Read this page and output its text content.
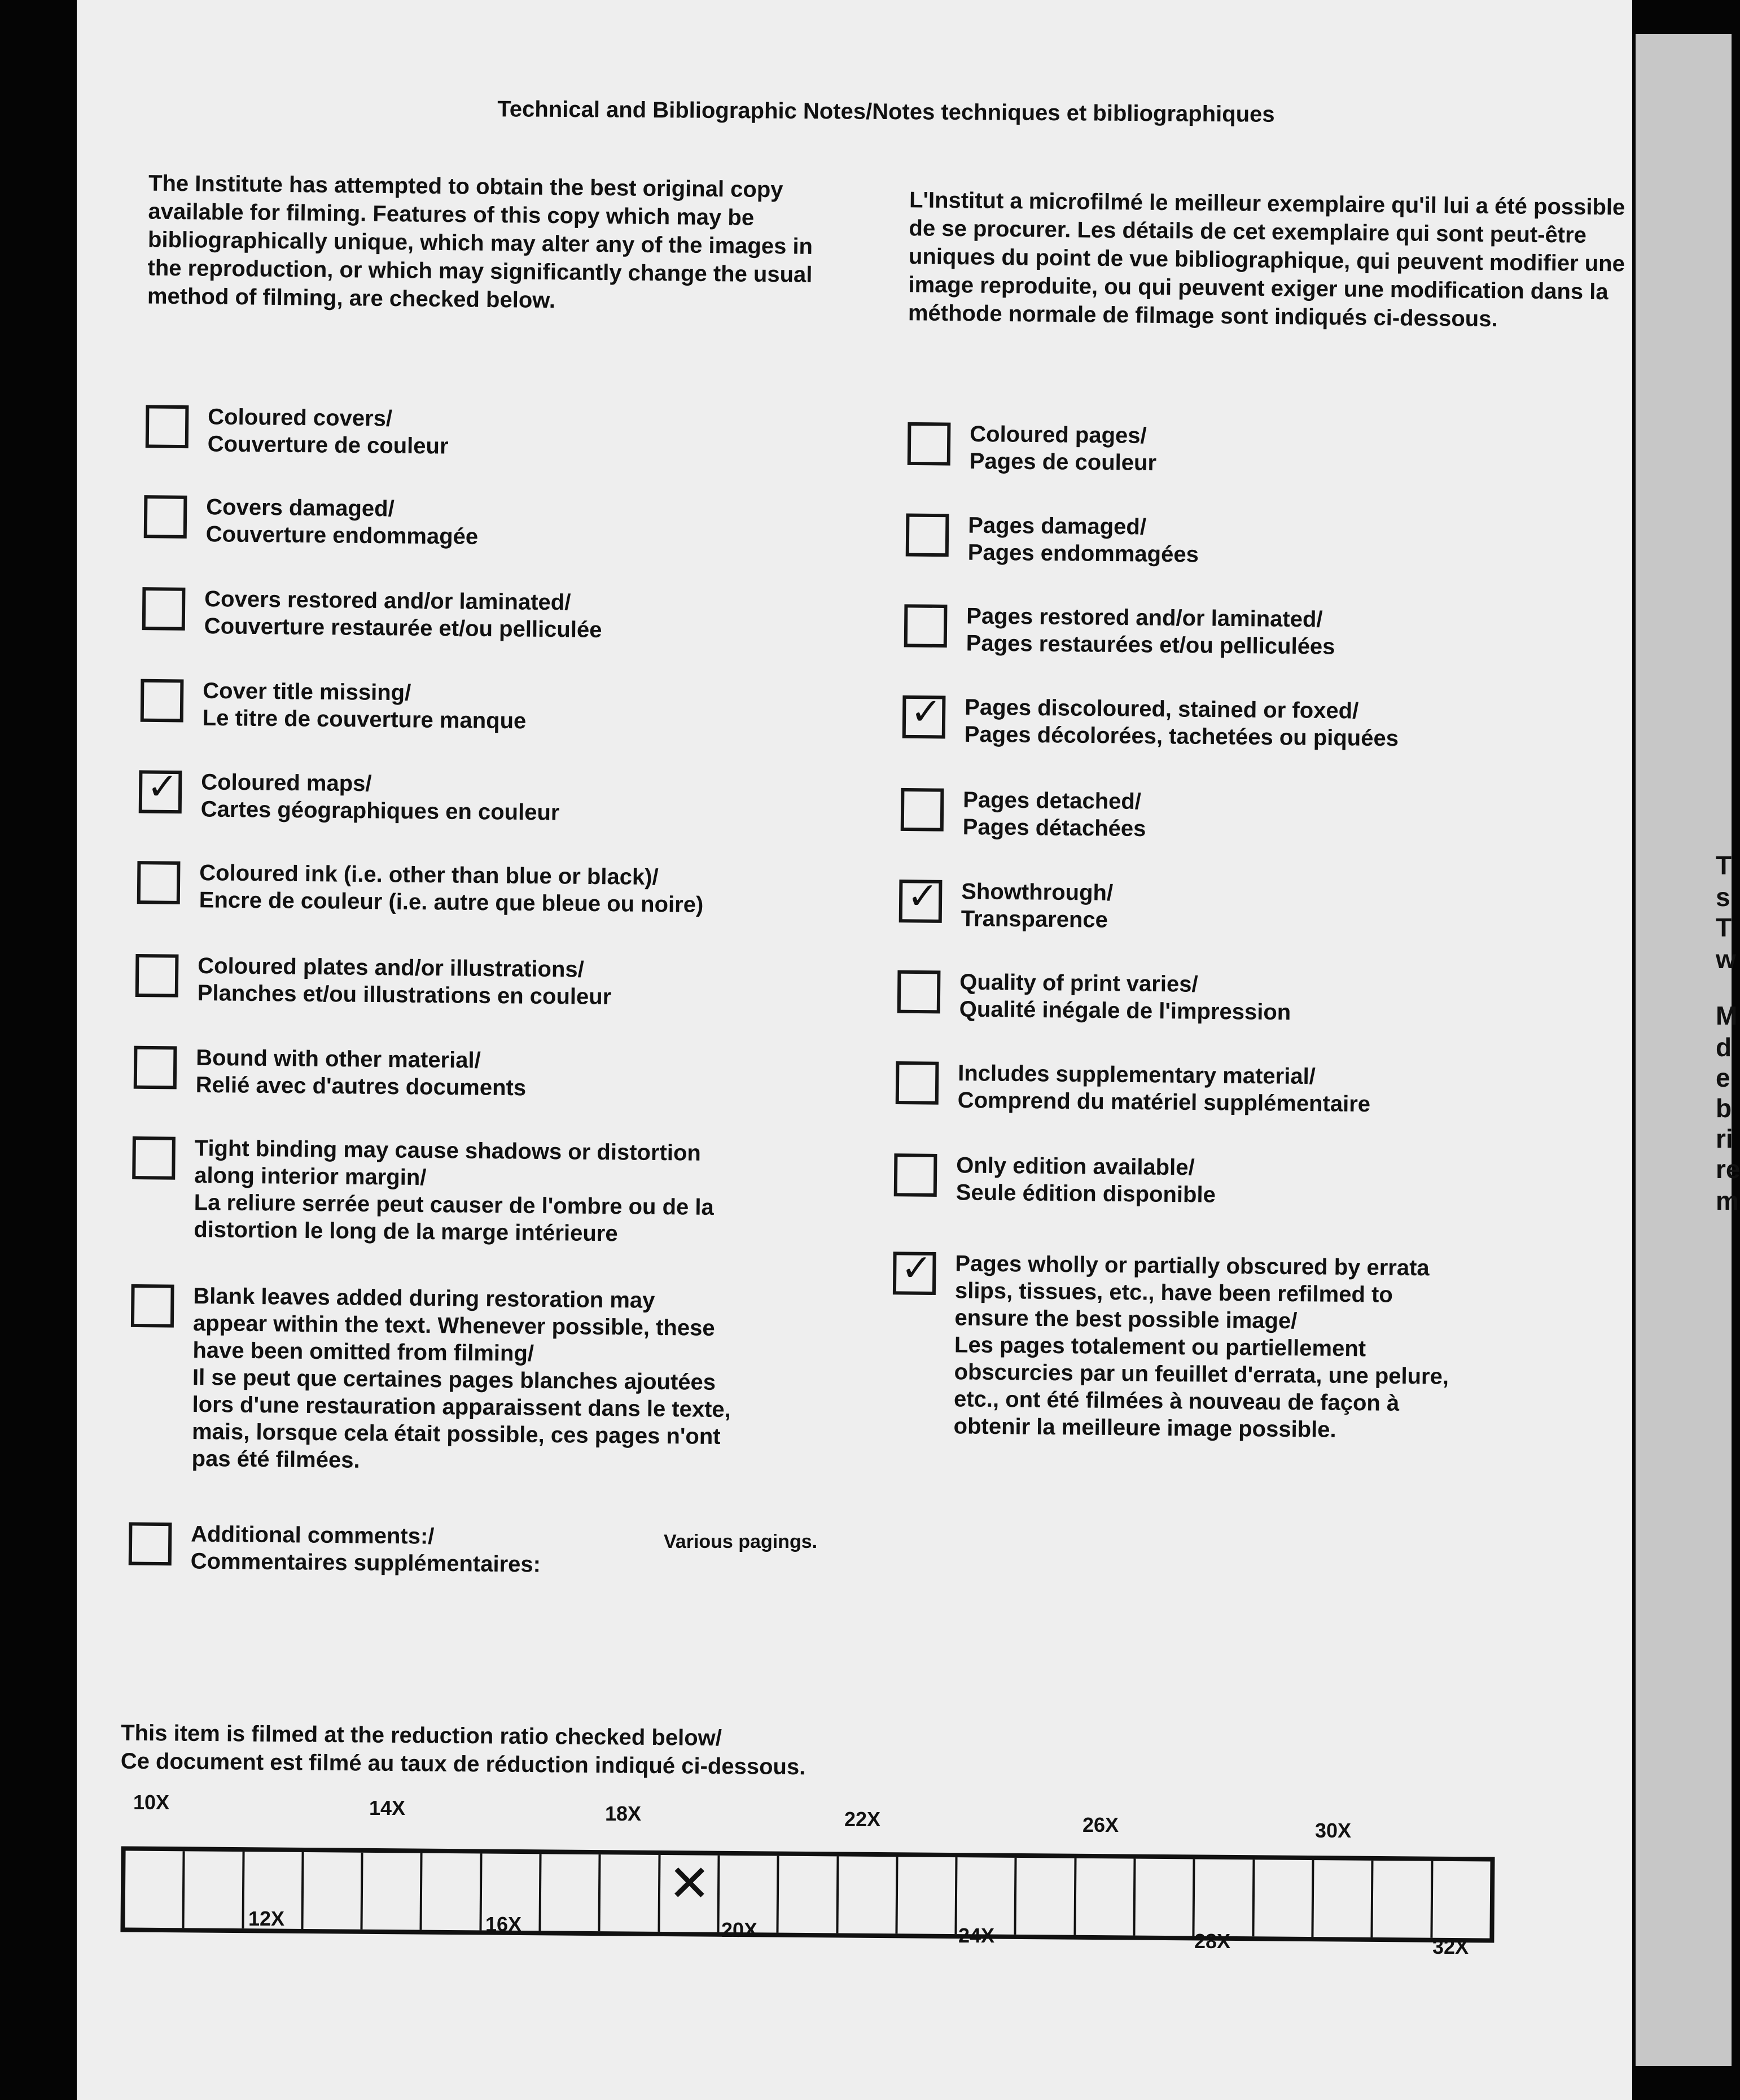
T
s
T
w
M
d
e
b
ri
re
m
Technical and Bibliographic Notes/Notes techniques et bibliographiques
The Institute has attempted to obtain the best original copy available for filming. Features of this copy which may be bibliographically unique, which may alter any of the images in the reproduction, or which may significantly change the usual method of filming, are checked below.
L'Institut a microfilmé le meilleur exemplaire qu'il lui a été possible de se procurer. Les détails de cet exemplaire qui sont peut-être uniques du point de vue bibliographique, qui peuvent modifier une image reproduite, ou qui peuvent exiger une modification dans la méthode normale de filmage sont indiqués ci-dessous.
Coloured covers/
Couverture de couleur
Covers damaged/
Couverture endommagée
Covers restored and/or laminated/
Couverture restaurée et/ou pelliculée
Cover title missing/
Le titre de couverture manque
✓ Coloured maps/
Cartes géographiques en couleur
Coloured ink (i.e. other than blue or black)/
Encre de couleur (i.e. autre que bleue ou noire)
Coloured plates and/or illustrations/
Planches et/ou illustrations en couleur
Bound with other material/
Relié avec d'autres documents
Tight binding may cause shadows or distortion
along interior margin/
La reliure serrée peut causer de l'ombre ou de la
distortion le long de la marge intérieure
Blank leaves added during restoration may
appear within the text. Whenever possible, these
have been omitted from filming/
Il se peut que certaines pages blanches ajoutées
lors d'une restauration apparaissent dans le texte,
mais, lorsque cela était possible, ces pages n'ont
pas été filmées.
Additional comments:/
Commentaires supplémentaires:
Coloured pages/
Pages de couleur
Pages damaged/
Pages endommagées
Pages restored and/or laminated/
Pages restaurées et/ou pelliculées
✓ Pages discoloured, stained or foxed/
Pages décolorées, tachetées ou piquées
Pages detached/
Pages détachées
✓ Showthrough/
Transparence
Quality of print varies/
Qualité inégale de l'impression
Includes supplementary material/
Comprend du matériel supplémentaire
Only edition available/
Seule édition disponible
✓ Pages wholly or partially obscured by errata
slips, tissues, etc., have been refilmed to
ensure the best possible image/
Les pages totalement ou partiellement
obscurcies par un feuillet d'errata, une pelure,
etc., ont été filmées à nouveau de façon à
obtenir la meilleure image possible.
Various pagings.
This item is filmed at the reduction ratio checked below/
Ce document est filmé au taux de réduction indiqué ci-dessous.
✕
10X	14X	18X	22X	26X	30X
12X	16X	20X	24X	28X	32X
